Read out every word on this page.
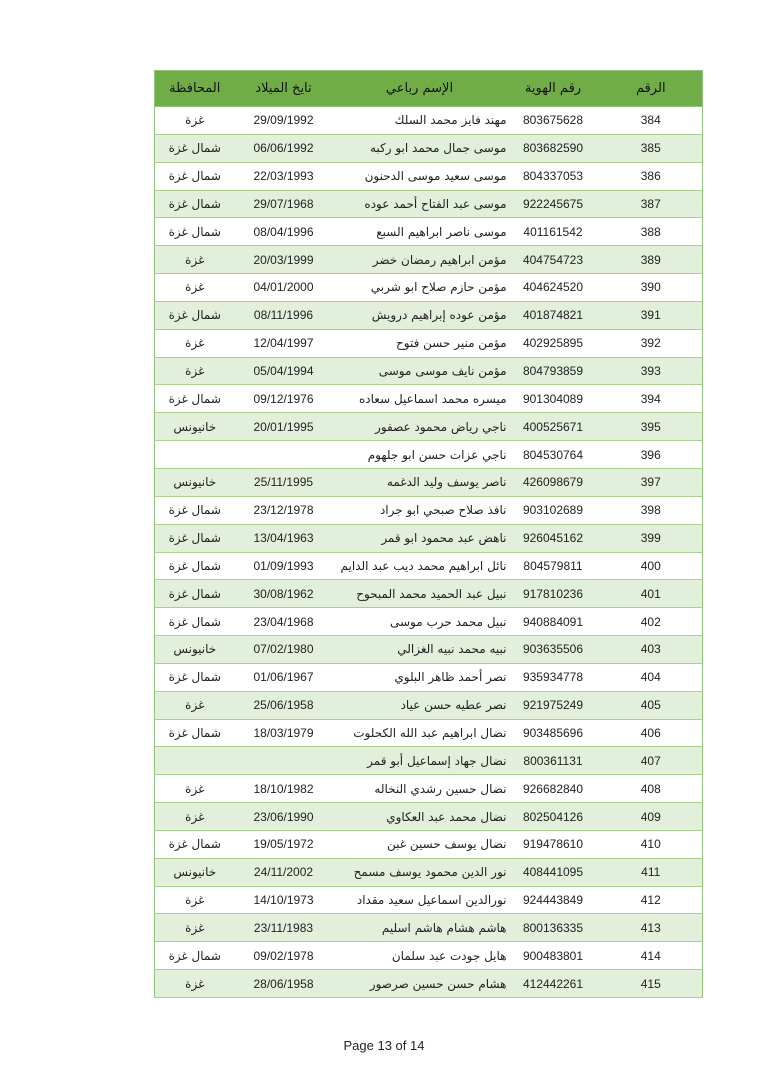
الرقم	رقم الهوية	الإسم رباعي	تايخ الميلاد	المحافظة
384	803675628	مهند فايز محمد السلك	29/09/1992	غزة
385	803682590	موسى جمال محمد ابو ركبه	06/06/1992	شمال غزة
386	804337053	موسى سعيد موسى الدحنون	22/03/1993	شمال غزة
387	922245675	موسى عبد الفتاح أحمد عوده	29/07/1968	شمال غزة
388	401161542	موسى ناصر ابراهيم السبع	08/04/1996	شمال غزة
389	404754723	مؤمن ابراهيم رمضان خضر	20/03/1999	غزة
390	404624520	مؤمن حازم صلاح ابو شربي	04/01/2000	غزة
391	401874821	مؤمن عوده إبراهيم درويش	08/11/1996	شمال غزة
392	402925895	مؤمن منير حسن فتوح	12/04/1997	غزة
393	804793859	مؤمن نايف موسى موسى	05/04/1994	غزة
394	901304089	ميسره محمد اسماعيل سعاده	09/12/1976	شمال غزة
395	400525671	ناجي رياض محمود عصفور	20/01/1995	خانيونس
396	804530764	ناجي عزات حسن ابو جلهوم		
397	426098679	ناصر يوسف وليد الدغمه	25/11/1995	خانيونس
398	903102689	نافذ صلاح صبحي ابو جراد	23/12/1978	شمال غزة
399	926045162	ناهض عبد محمود ابو قمر	13/04/1963	شمال غزة
400	804579811	نائل ابراهيم محمد ديب عبد الدايم	01/09/1993	شمال غزة
401	917810236	نبيل عبد الحميد محمد المبحوح	30/08/1962	شمال غزة
402	940884091	نبيل محمد حرب موسى	23/04/1968	شمال غزة
403	903635506	نبيه محمد نبيه الغزالي	07/02/1980	خانيونس
404	935934778	نصر أحمد ظاهر البلوي	01/06/1967	شمال غزة
405	921975249	نصر عطيه حسن عياد	25/06/1958	غزة
406	903485696	نضال ابراهيم عبد الله الكحلوت	18/03/1979	شمال غزة
407	800361131	نضال جهاد إسماعيل أبو قمر		
408	926682840	نضال حسين رشدي النخاله	18/10/1982	غزة
409	802504126	نضال محمد عبد العكاوي	23/06/1990	غزة
410	919478610	نضال يوسف حسين غبن	19/05/1972	شمال غزة
411	408441095	نور الدين محمود يوسف مسمح	24/11/2002	خانيونس
412	924443849	نورالدين اسماعيل سعيد مقداد	14/10/1973	غزة
413	800136335	هاشم هشام هاشم اسليم	23/11/1983	غزة
414	900483801	هايل جودت عبد سلمان	09/02/1978	شمال غزة
415	412442261	هشام حسن حسين صرصور	28/06/1958	غزة
Page 13 of 14
